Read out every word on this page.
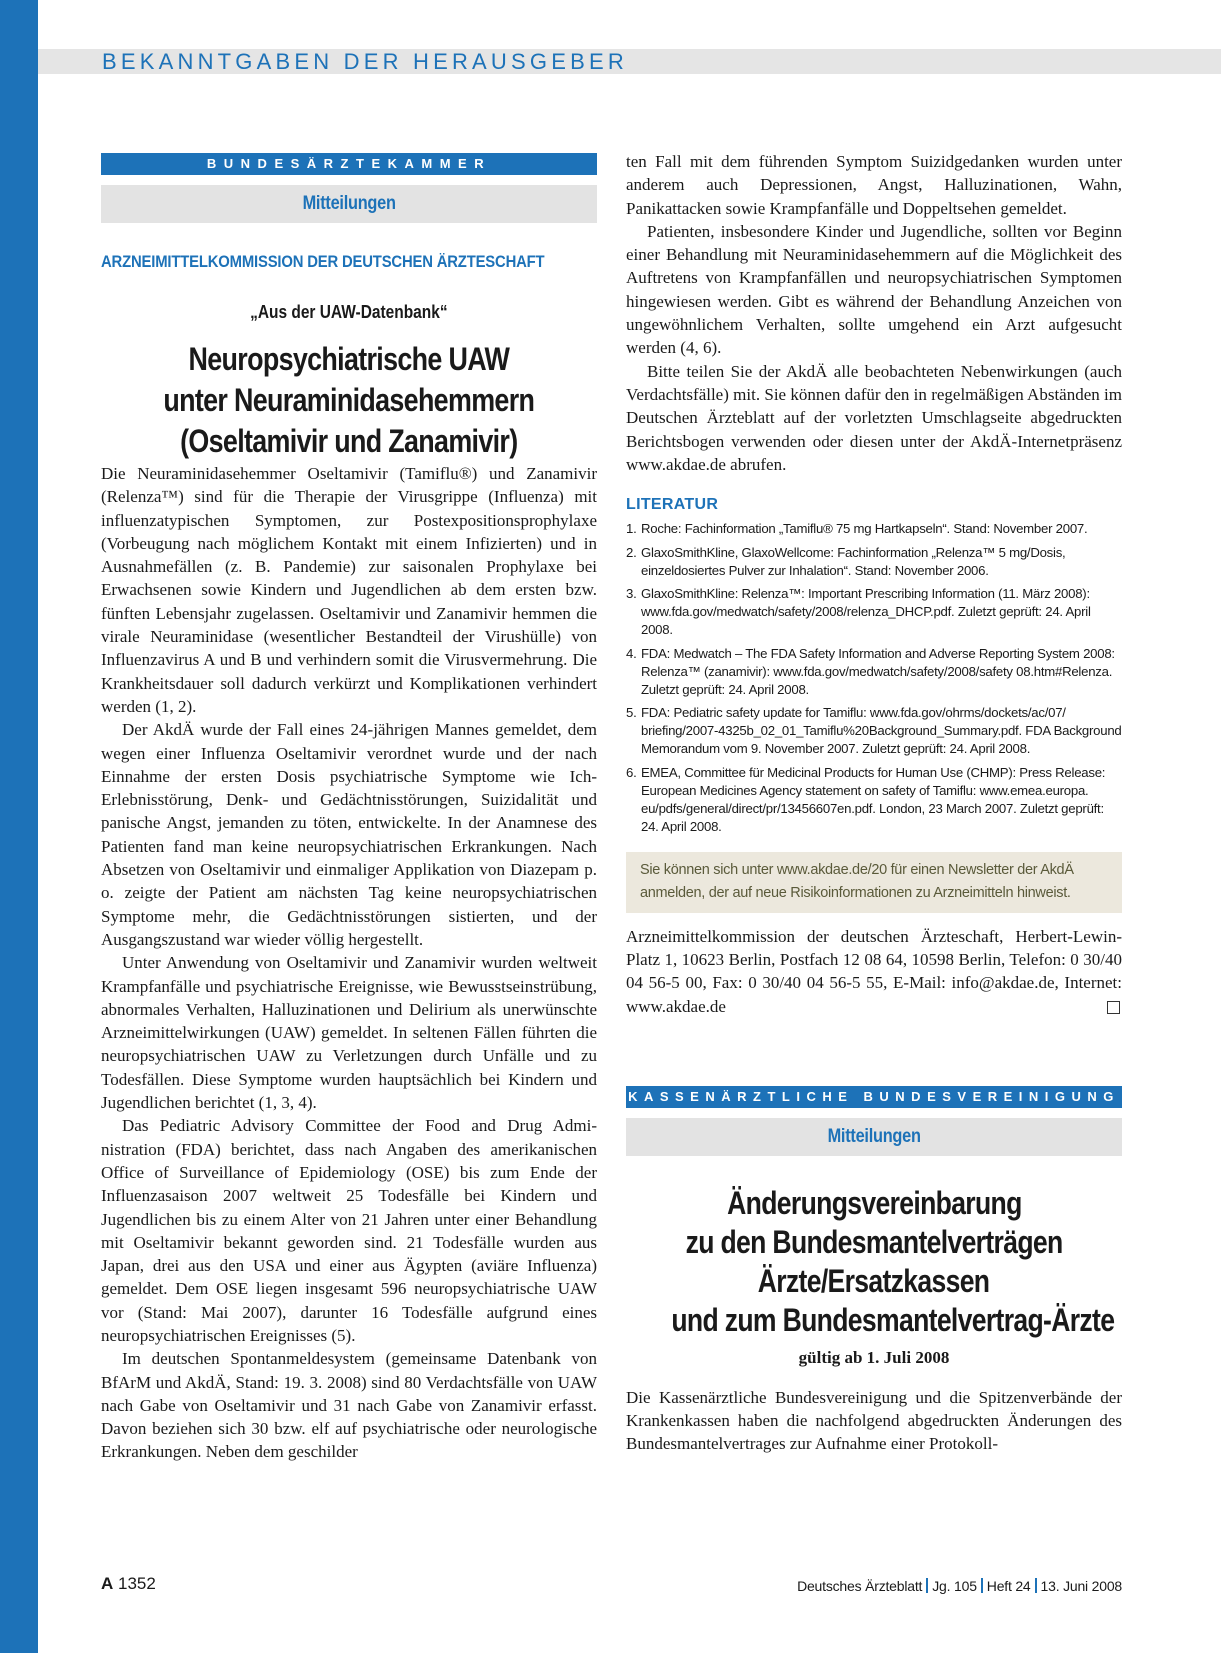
BEKANNTGABEN DER HERAUSGEBER
BUNDESÄRZTEKAMMER
Mitteilungen
ARZNEIMITTELKOMMISSION DER DEUTSCHEN ÄRZTESCHAFT
„Aus der UAW-Datenbank“
Neuropsychiatrische UAW
unter Neuraminidasehemmern
(Oseltamivir und Zanamivir)

Die Neuraminidasehemmer Oseltamivir (Tamiflu®) und Zanamivir (Relenza™) sind für die Therapie der Virusgrippe (Influenza) mit influenzatypischen Symptomen, zur Postexpositionsprophylaxe (Vorbeugung nach möglichem Kontakt mit einem Infizierten) und in Ausnahmefällen (z. B. Pandemie) zur saisonalen Prophylaxe bei Erwachsenen sowie Kindern und Jugendlichen ab dem ersten bzw. fünften Lebensjahr zugelassen. Oseltamivir und Zanamivir hemmen die virale Neuraminidase (wesentlicher Bestandteil der Virushülle) von Influenzavirus A und B und verhindern somit die Virusvermehrung. Die Krankheitsdauer soll dadurch verkürzt und Komplikationen verhindert werden (1, 2).

Der AkdÄ wurde der Fall eines 24-jährigen Mannes gemeldet, dem wegen einer Influenza Oseltamivir verordnet wurde und der nach Einnahme der ersten Dosis psychiatrische Symptome wie Ich-Erlebnisstörung, Denk- und Gedächtnisstörungen, Suizidalität und panische Angst, jemanden zu töten, entwickelte. In der Anamnese des Patienten fand man keine neuropsychiatrischen Erkrankungen. Nach Absetzen von Oseltamivir und einmaliger Applikation von Diazepam p. o. zeigte der Patient am nächsten Tag keine neuropsychiatrischen Symptome mehr, die Gedächtnisstörungen sistierten, und der Ausgangszustand war wieder völlig hergestellt.

Unter Anwendung von Oseltamivir und Zanamivir wurden weltweit Krampfanfälle und psychiatrische Ereignisse, wie Bewusstseinstrübung, abnormales Verhalten, Halluzinationen und Delirium als unerwünschte Arzneimittelwirkungen (UAW) gemeldet. In seltenen Fällen führten die neuropsychiatrischen UAW zu Verletzungen durch Unfälle und zu Todesfällen. Diese Symptome wurden hauptsächlich bei Kindern und Jugendlichen berichtet (1, 3, 4).

Das Pediatric Advisory Committee der Food and Drug Administration (FDA) berichtet, dass nach Angaben des amerikanischen Office of Surveillance of Epidemiology (OSE) bis zum Ende der Influenzasaison 2007 weltweit 25 Todesfälle bei Kindern und Jugendlichen bis zu einem Alter von 21 Jahren unter einer Behandlung mit Oseltamivir bekannt geworden sind. 21 Todesfälle wurden aus Japan, drei aus den USA und einer aus Ägypten (aviäre Influenza) gemeldet. Dem OSE liegen insgesamt 596 neuropsychiatrische UAW vor (Stand: Mai 2007), darunter 16 Todesfälle aufgrund eines neuropsychiatrischen Ereignisses (5).

Im deutschen Spontanmeldesystem (gemeinsame Datenbank von BfArM und AkdÄ, Stand: 19. 3. 2008) sind 80 Verdachtsfälle von UAW nach Gabe von Oseltamivir und 31 nach Gabe von Zanamivir erfasst. Davon beziehen sich 30 bzw. elf auf psychiatrische oder neurologische Erkrankungen. Neben dem geschilder

ten Fall mit dem führenden Symptom Suizidgedanken wurden unter anderem auch Depressionen, Angst, Halluzinationen, Wahn, Panikattacken sowie Krampfanfälle und Doppeltsehen gemeldet.

Patienten, insbesondere Kinder und Jugendliche, sollten vor Beginn einer Behandlung mit Neuraminidasehemmern auf die Möglichkeit des Auftretens von Krampfanfällen und neuropsychiatrischen Symptomen hingewiesen werden. Gibt es während der Behandlung Anzeichen von ungewöhnlichem Verhalten, sollte umgehend ein Arzt aufgesucht werden (4, 6).

Bitte teilen Sie der AkdÄ alle beobachteten Nebenwirkungen (auch Verdachtsfälle) mit. Sie können dafür den in regelmäßigen Abständen im Deutschen Ärzteblatt auf der vorletzten Umschlagseite abgedruckten Berichtsbogen verwenden oder diesen unter der AkdÄ-Internetpräsenz www.akdae.de abrufen.

LITERATUR
1. Roche: Fachinformation „Tamiflu® 75 mg Hartkapseln“. Stand: November 2007.
2. GlaxoSmithKline, GlaxoWellcome: Fachinformation „Relenza™ 5 mg/Dosis, einzeldosiertes Pulver zur Inhalation“. Stand: November 2006.
3. GlaxoSmithKline: Relenza™: Important Prescribing Information (11. März 2008): www.fda.gov/medwatch/safety/2008/relenza_DHCP.pdf. Zuletzt geprüft: 24. April 2008.
4. FDA: Medwatch – The FDA Safety Information and Adverse Reporting System 2008: Relenza™ (zanamivir): www.fda.gov/medwatch/safety/2008/safety 08.htm#Relenza. Zuletzt geprüft: 24. April 2008.
5. FDA: Pediatric safety update for Tamiflu: www.fda.gov/ohrms/dockets/ac/07/ briefing/2007-4325b_02_01_Tamiflu%20Background_Summary.pdf. FDA Background Memorandum vom 9. November 2007. Zuletzt geprüft: 24. April 2008.
6. EMEA, Committee für Medicinal Products for Human Use (CHMP): Press Release: European Medicines Agency statement on safety of Tamiflu: www.emea.europa. eu/pdfs/general/direct/pr/13456607en.pdf. London, 23 March 2007. Zuletzt geprüft: 24. April 2008.
Sie können sich unter www.akdae.de/20 für einen Newsletter der AkdÄ anmelden, der auf neue Risikoinformationen zu Arzneimitteln hinweist.

Arzneimittelkommission der deutschen Ärzteschaft, Herbert-Lewin-Platz 1, 10623 Berlin, Postfach 12 08 64, 10598 Berlin, Telefon: 0 30/40 04 56-5 00, Fax: 0 30/40 04 56-5 55, E-Mail: info@akdae.de, Internet: www.akdae.de

KASSENÄRZTLICHE BUNDESVEREINIGUNG
Mitteilungen
Änderungsvereinbarung
zu den Bundesmantelverträgen
Ärzte/Ersatzkassen
und zum Bundesmantelvertrag-Ärzte
gültig ab 1. Juli 2008

Die Kassenärztliche Bundesvereinigung und die Spitzenverbände der Krankenkassen haben die nachfolgend abgedruckten Änderungen des Bundesmantelvertrages zur Aufnahme einer Protokoll-

A 1352	Deutsches Ärzteblatt Jg. 105 Heft 24 13. Juni 2008
